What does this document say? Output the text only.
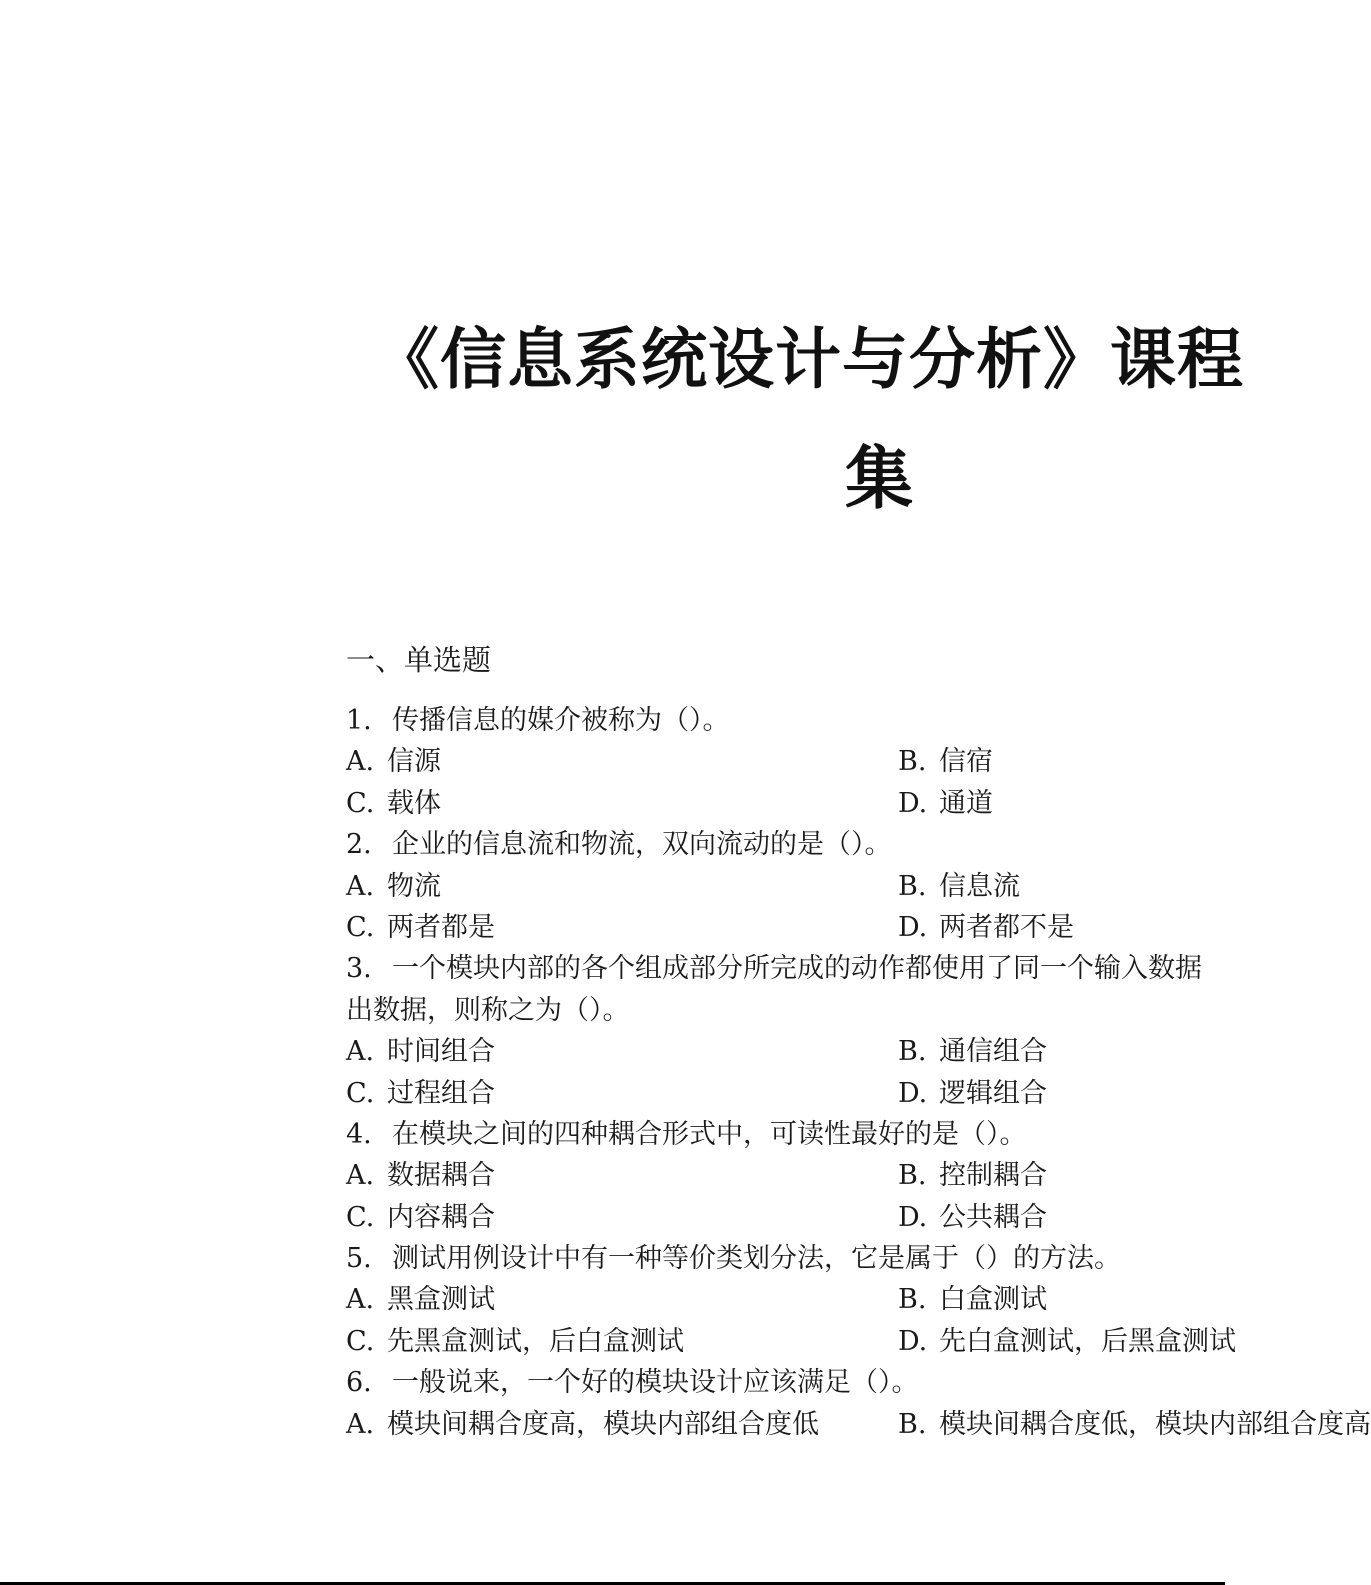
《信息系统设计与分析》课程
集
一、单选题
1. 传播信息的媒介被称为（）。
A. 信源	B. 信宿
C. 载体	D. 通道
2. 企业的信息流和物流，双向流动的是（）。
A. 物流	B. 信息流
C. 两者都是	D. 两者都不是
3. 一个模块内部的各个组成部分所完成的动作都使用了同一个输入数据
出数据，则称之为（）。
A. 时间组合	B. 通信组合
C. 过程组合	D. 逻辑组合
4. 在模块之间的四种耦合形式中，可读性最好的是（）。
A. 数据耦合	B. 控制耦合
C. 内容耦合	D. 公共耦合
5. 测试用例设计中有一种等价类划分法，它是属于（）的方法。
A. 黑盒测试	B. 白盒测试
C. 先黑盒测试，后白盒测试	D. 先白盒测试，后黑盒测试
6. 一般说来，一个好的模块设计应该满足（）。
A. 模块间耦合度高，模块内部组合度低	B. 模块间耦合度低，模块内部组合度高
